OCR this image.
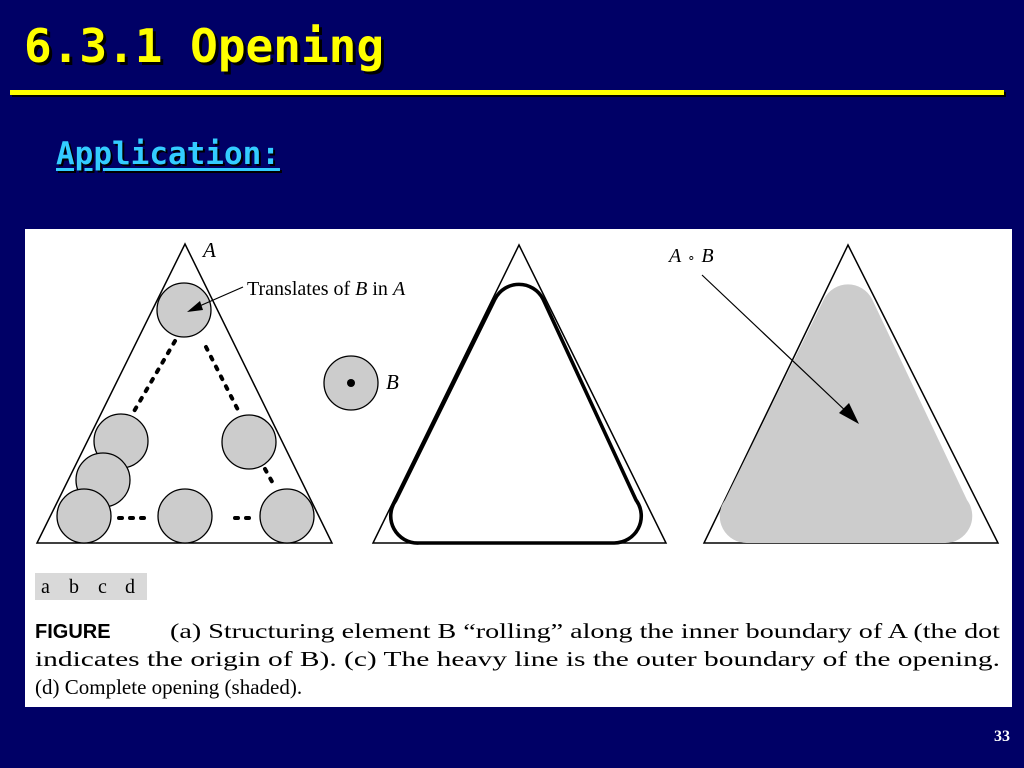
6.3.1 Opening
Application:
A
Translates of B in A
B
A ∘ B
a b c d
FIGURE	(a) Structuring element B “rolling” along the inner boundary of A (the dot
indicates the origin of B). (c) The heavy line is the outer boundary of the opening.
(d) Complete opening (shaded).
33
